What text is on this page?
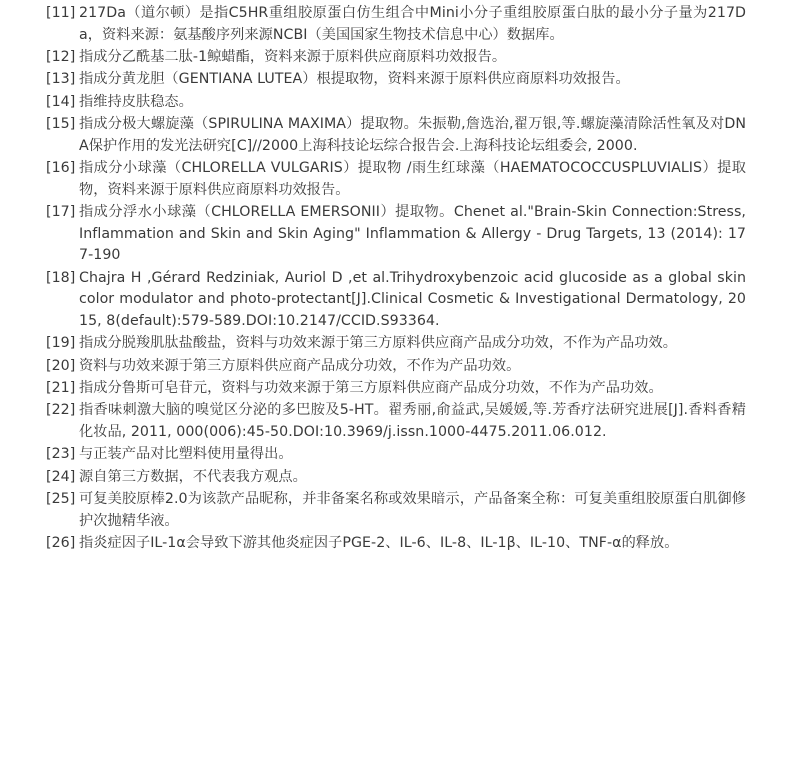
[11] 217Da（道尔顿）是指C5HR重组胶原蛋白仿生组合中Mini小分子重组胶原蛋白肽的最小分子量为217Da，资料来源：氨基酸序列来源NCBI（美国国家生物技术信息中心）数据库。
[12] 指成分乙酰基二肽-1鲸蜡酯，资料来源于原料供应商原料功效报告。
[13] 指成分黄龙胆（GENTIANA LUTEA）根提取物，资料来源于原料供应商原料功效报告。
[14] 指维持皮肤稳态。
[15] 指成分极大螺旋藻（SPIRULINA MAXIMA）提取物。朱振勒,詹选治,翟万银,等.螺旋藻清除活性氧及对DNA保护作用的发光法研究[C]//2000上海科技论坛综合报告会.上海科技论坛组委会, 2000.
[16] 指成分小球藻（CHLORELLA VULGARIS）提取物 /雨生红球藻（HAEMATOCOCCUSPLUVIALIS）提取物，资料来源于原料供应商原料功效报告。
[17] 指成分浮水小球藻（CHLORELLA EMERSONII）提取物。Chenet al."Brain-Skin Connection:Stress, Inflammation and Skin and Skin Aging" Inflammation & Allergy - Drug Targets, 13 (2014): 177-190
[18] Chajra H ,Gérard Redziniak, Auriol D ,et al.Trihydroxybenzoic acid glucoside as a global skin color modulator and photo-protectant[J].Clinical Cosmetic & Investigational Dermatology, 2015, 8(default):579-589.DOI:10.2147/CCID.S93364.
[19] 指成分脱羧肌肽盐酸盐，资料与功效来源于第三方原料供应商产品成分功效，不作为产品功效。
[20] 资料与功效来源于第三方原料供应商产品成分功效，不作为产品功效。
[21] 指成分鲁斯可皂苷元，资料与功效来源于第三方原料供应商产品成分功效，不作为产品功效。
[22] 指香味刺激大脑的嗅觉区分泌的多巴胺及5-HT。翟秀丽,俞益武,吴媛媛,等.芳香疗法研究进展[J].香料香精化妆品, 2011, 000(006):45-50.DOI:10.3969/j.issn.1000-4475.2011.06.012.
[23] 与正装产品对比塑料使用量得出。
[24] 源自第三方数据，不代表我方观点。
[25] 可复美胶原棒2.0为该款产品昵称，并非备案名称或效果暗示，产品备案全称：可复美重组胶原蛋白肌御修护次抛精华液。
[26] 指炎症因子IL-1α会导致下游其他炎症因子PGE-2、IL-6、IL-8、IL-1β、IL-10、TNF-α的释放。
